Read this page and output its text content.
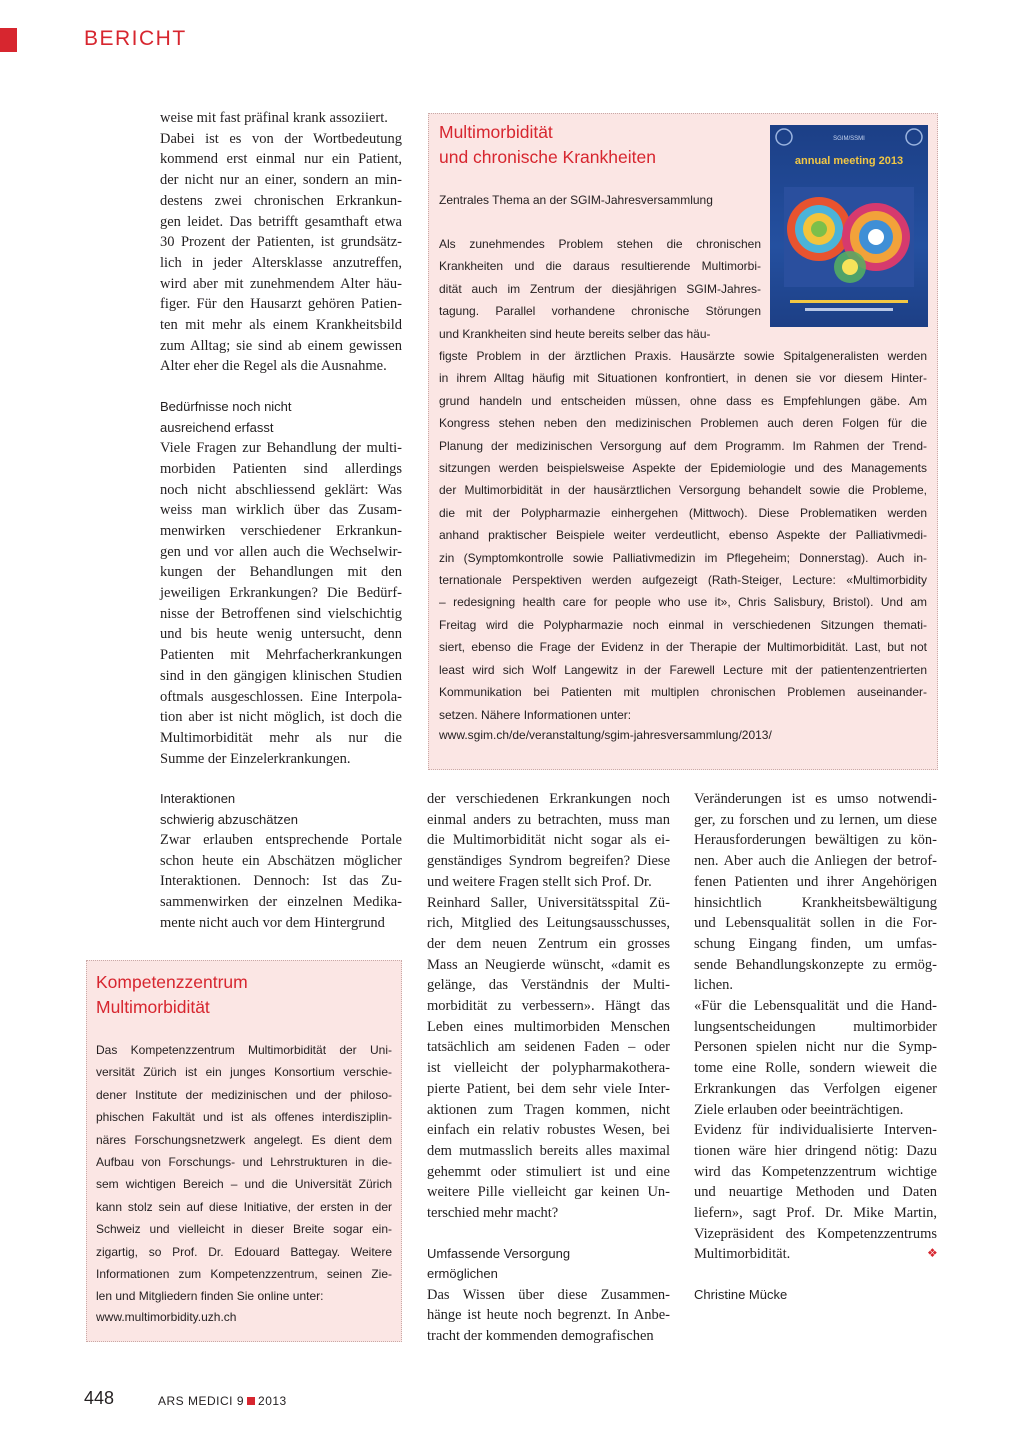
BERICHT
weise mit fast präfinal krank assoziiert.
Dabei ist es von der Wortbedeutung
kommend erst einmal nur ein Patient,
der nicht nur an einer, sondern an min-
destens zwei chronischen Erkrankun-
gen leidet. Das betrifft gesamthaft etwa
30 Prozent der Patienten, ist grundsätz-
lich in jeder Altersklasse anzutreffen,
wird aber mit zunehmendem Alter häu-
figer. Für den Hausarzt gehören Patien-
ten mit mehr als einem Krankheitsbild
zum Alltag; sie sind ab einem gewissen
Alter eher die Regel als die Ausnahme.
Bedürfnisse noch nicht
ausreichend erfasst
Viele Fragen zur Behandlung der multi-
morbiden Patienten sind allerdings
noch nicht abschliessend geklärt: Was
weiss man wirklich über das Zusam-
menwirken verschiedener Erkrankun-
gen und vor allen auch die Wechselwir-
kungen der Behandlungen mit den
jeweiligen Erkrankungen? Die Bedürf-
nisse der Betroffenen sind vielschichtig
und bis heute wenig untersucht, denn
Patienten mit Mehrfacherkrankungen
sind in den gängigen klinischen Studien
oftmals ausgeschlossen. Eine Interpola-
tion aber ist nicht möglich, ist doch die
Multimorbidität mehr als nur die
Summe der Einzelerkrankungen.
Multimorbidität
und chronische Krankheiten
Zentrales Thema an der SGIM-Jahresversammlung
Als zunehmendes Problem stehen die chronischen
Krankheiten und die daraus resultierende Multimorbi-
dität auch im Zentrum der diesjährigen SGIM-Jahres-
tagung. Parallel vorhandene chronische Störungen
und Krankheiten sind heute bereits selber das häu-
figste Problem in der ärztlichen Praxis. Hausärzte sowie Spitalgeneralisten werden
in ihrem Alltag häufig mit Situationen konfrontiert, in denen sie vor diesem Hinter-
grund handeln und entscheiden müssen, ohne dass es Empfehlungen gäbe. Am
Kongress stehen neben den medizinischen Problemen auch deren Folgen für die
Planung der medizinischen Versorgung auf dem Programm. Im Rahmen der Trend-
sitzungen werden beispielsweise Aspekte der Epidemiologie und des Managements
der Multimorbidität in der hausärztlichen Versorgung behandelt sowie die Probleme,
die mit der Polypharmazie einhergehen (Mittwoch). Diese Problematiken werden
anhand praktischer Beispiele weiter verdeutlicht, ebenso Aspekte der Palliativmedi-
zin (Symptomkontrolle sowie Palliativmedizin im Pflegeheim; Donnerstag). Auch in-
ternationale Perspektiven werden aufgezeigt (Rath-Steiger, Lecture: «Multimorbidity
– redesigning health care for people who use it», Chris Salisbury, Bristol). Und am
Freitag wird die Polypharmazie noch einmal in verschiedenen Sitzungen themati-
siert, ebenso die Frage der Evidenz in der Therapie der Multimorbidität. Last, but not
least wird sich Wolf Langewitz in der Farewell Lecture mit der patientenzentrierten
Kommunikation bei Patienten mit multiplen chronischen Problemen auseinander-
setzen. Nähere Informationen unter:
www.sgim.ch/de/veranstaltung/sgim-jahresversammlung/2013/
SGIM/SSMI
annual meeting 2013
Interaktionen
schwierig abzuschätzen
Zwar erlauben entsprechende Portale
schon heute ein Abschätzen möglicher
Interaktionen. Dennoch: Ist das Zu-
sammenwirken der einzelnen Medika-
mente nicht auch vor dem Hintergrund
Kompetenzzentrum
Multimorbidität
Das Kompetenzzentrum Multimorbidität der Uni-
versität Zürich ist ein junges Konsortium verschie-
dener Institute der medizinischen und der philoso-
phischen Fakultät und ist als offenes interdisziplin-
näres Forschungsnetzwerk angelegt. Es dient dem
Aufbau von Forschungs- und Lehrstrukturen in die-
sem wichtigen Bereich – und die Universität Zürich
kann stolz sein auf diese Initiative, der ersten in der
Schweiz und vielleicht in dieser Breite sogar ein-
zigartig, so Prof. Dr. Edouard Battegay. Weitere
Informationen zum Kompetenzzentrum, seinen Zie-
len und Mitgliedern finden Sie online unter:
www.multimorbidity.uzh.ch
der verschiedenen Erkrankungen noch
einmal anders zu betrachten, muss man
die Multimorbidität nicht sogar als ei-
genständiges Syndrom begreifen? Diese
und weitere Fragen stellt sich Prof. Dr.
Reinhard Saller, Universitätsspital Zü-
rich, Mitglied des Leitungsausschusses,
der dem neuen Zentrum ein grosses
Mass an Neugierde wünscht, «damit es
gelänge, das Verständnis der Multi-
morbidität zu verbessern». Hängt das
Leben eines multimorbiden Menschen
tatsächlich am seidenen Faden – oder
ist vielleicht der polypharmakothera-
pierte Patient, bei dem sehr viele Inter-
aktionen zum Tragen kommen, nicht
einfach ein relativ robustes Wesen, bei
dem mutmasslich bereits alles maximal
gehemmt oder stimuliert ist und eine
weitere Pille vielleicht gar keinen Un-
terschied mehr macht?
Umfassende Versorgung
ermöglichen
Das Wissen über diese Zusammen-
hänge ist heute noch begrenzt. In Anbe-
tracht der kommenden demografischen
Veränderungen ist es umso notwendi-
ger, zu forschen und zu lernen, um diese
Herausforderungen bewältigen zu kön-
nen. Aber auch die Anliegen der betrof-
fenen Patienten und ihrer Angehörigen
hinsichtlich Krankheitsbewältigung
und Lebensqualität sollen in die For-
schung Eingang finden, um umfas-
sende Behandlungskonzepte zu ermög-
lichen.
«Für die Lebensqualität und die Hand-
lungsentscheidungen multimorbider
Personen spielen nicht nur die Symp-
tome eine Rolle, sondern wieweit die
Erkrankungen das Verfolgen eigener
Ziele erlauben oder beeinträchtigen.
Evidenz für individualisierte Interven-
tionen wäre hier dringend nötig: Dazu
wird das Kompetenzzentrum wichtige
und neuartige Methoden und Daten
liefern», sagt Prof. Dr. Mike Martin,
Vizepräsident des Kompetenzzentrums
Multimorbidität.
Christine Mücke
❖
448	ARS MEDICI 9 2013
